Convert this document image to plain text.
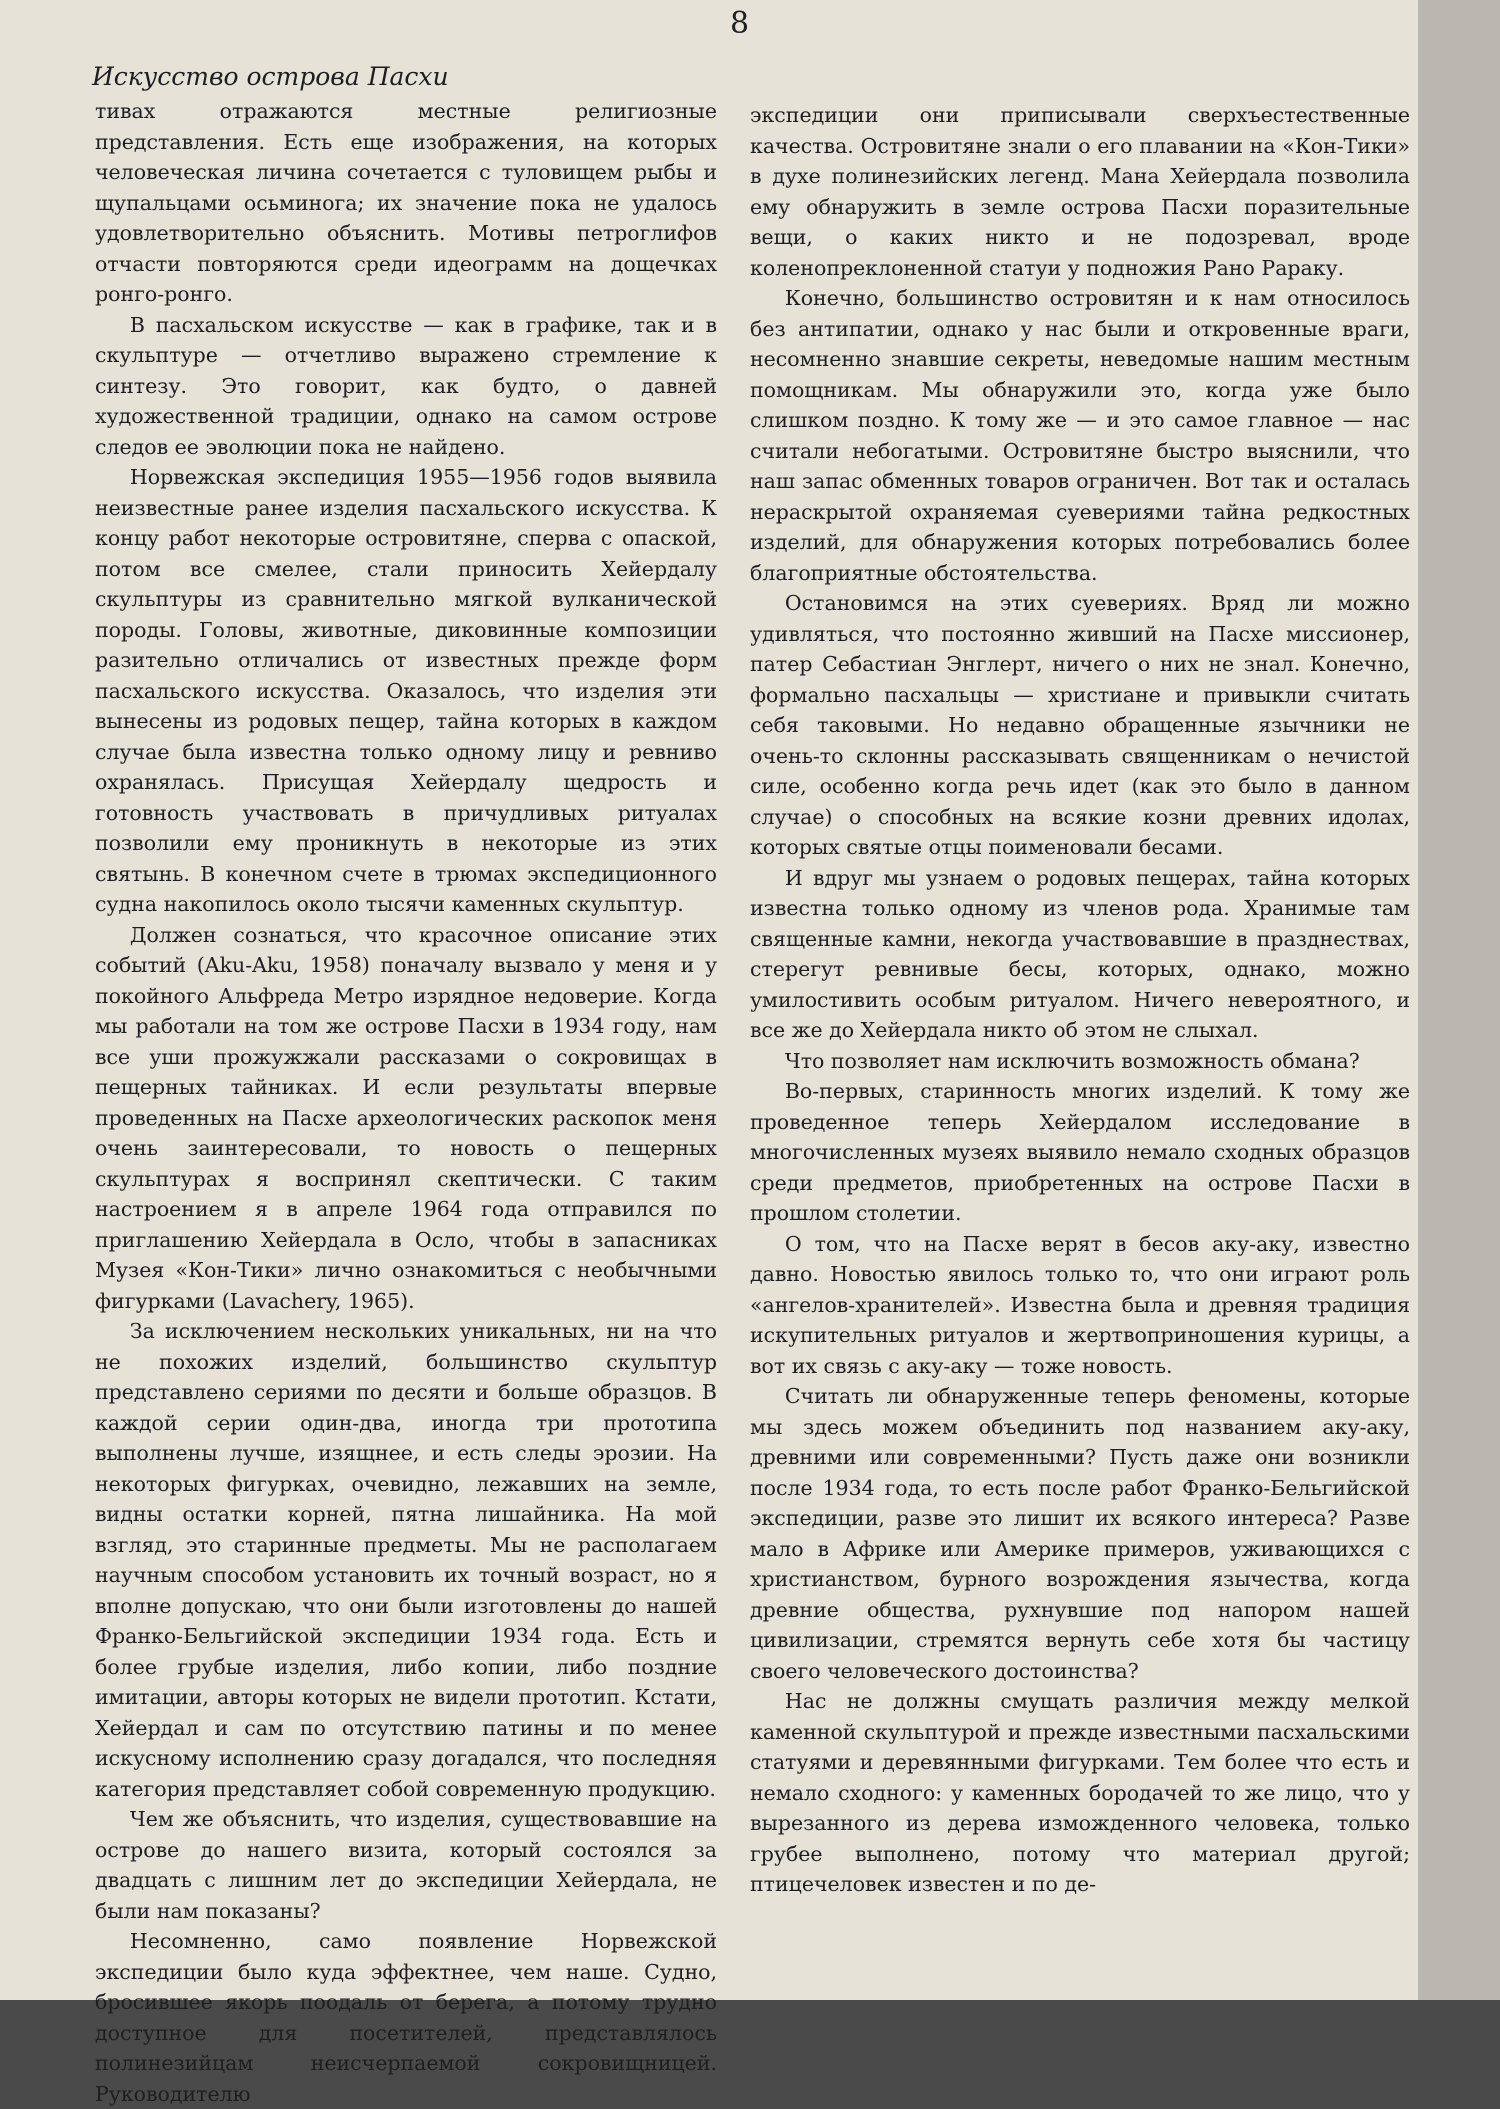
8

Искусство острова Пасхи

тивах отражаются местные религиозные представления. Есть еще изображения, на которых человеческая личина сочетается с туловищем рыбы и щупальцами осьминога; их значение пока не удалось удовлетворительно объяснить. Мотивы петроглифов отчасти повторяются среди идеограмм на дощечках ронго-ронго.

В пасхальском искусстве — как в графике, так и в скульптуре — отчетливо выражено стремление к синтезу. Это говорит, как будто, о давней художественной традиции, однако на самом острове следов ее эволюции пока не найдено.

Норвежская экспедиция 1955—1956 годов выявила неизвестные ранее изделия пасхальского искусства. К концу работ некоторые островитяне, сперва с опаской, потом все смелее, стали приносить Хейердалу скульптуры из сравнительно мягкой вулканической породы. Головы, животные, диковинные композиции разительно отличались от известных прежде форм пасхальского искусства. Оказалось, что изделия эти вынесены из родовых пещер, тайна которых в каждом случае была известна только одному лицу и ревниво охранялась. Присущая Хейердалу щедрость и готовность участвовать в причудливых ритуалах позволили ему проникнуть в некоторые из этих святынь. В конечном счете в трюмах экспедиционного судна накопилось около тысячи каменных скульптур.

Должен сознаться, что красочное описание этих событий (Aku-Aku, 1958) поначалу вызвало у меня и у покойного Альфреда Метро изрядное недоверие. Когда мы работали на том же острове Пасхи в 1934 году, нам все уши прожужжали рассказами о сокровищах в пещерных тайниках. И если результаты впервые проведенных на Пасхе археологических раскопок меня очень заинтересовали, то новость о пещерных скульптурах я воспринял скептически. С таким настроением я в апреле 1964 года отправился по приглашению Хейердала в Осло, чтобы в запасниках Музея «Кон-Тики» лично ознакомиться с необычными фигурками (Lavachery, 1965).

За исключением нескольких уникальных, ни на что не похожих изделий, большинство скульптур представлено сериями по десяти и больше образцов. В каждой серии один-два, иногда три прототипа выполнены лучше, изящнее, и есть следы эрозии. На некоторых фигурках, очевидно, лежавших на земле, видны остатки корней, пятна лишайника. На мой взгляд, это старинные предметы. Мы не располагаем научным способом установить их точный возраст, но я вполне допускаю, что они были изготовлены до нашей Франко-Бельгийской экспедиции 1934 года. Есть и более грубые изделия, либо копии, либо поздние имитации, авторы которых не видели прототип. Кстати, Хейердал и сам по отсутствию патины и по менее искусному исполнению сразу догадался, что последняя категория представляет собой современную продукцию.

Чем же объяснить, что изделия, существовавшие на острове до нашего визита, который состоялся за двадцать с лишним лет до экспедиции Хейердала, не были нам показаны?

Несомненно, само появление Норвежской экспедиции было куда эффектнее, чем наше. Судно, бросившее якорь поодаль от берега, а потому трудно доступное для посетителей, представлялось полинезийцам неисчерпаемой сокровищницей. Руководителю

экспедиции они приписывали сверхъестественные качества. Островитяне знали о его плавании на «Кон-Тики» в духе полинезийских легенд. Мана Хейердала позволила ему обнаружить в земле острова Пасхи поразительные вещи, о каких никто и не подозревал, вроде коленопреклоненной статуи у подножия Рано Рараку.

Конечно, большинство островитян и к нам относилось без антипатии, однако у нас были и откровенные враги, несомненно знавшие секреты, неведомые нашим местным помощникам. Мы обнаружили это, когда уже было слишком поздно. К тому же — и это самое главное — нас считали небогатыми. Островитяне быстро выяснили, что наш запас обменных товаров ограничен. Вот так и осталась нераскрытой охраняемая суевериями тайна редкостных изделий, для обнаружения которых потребовались более благоприятные обстоятельства.

Остановимся на этих суевериях. Вряд ли можно удивляться, что постоянно живший на Пасхе миссионер, патер Себастиан Энглерт, ничего о них не знал. Конечно, формально пасхальцы — христиане и привыкли считать себя таковыми. Но недавно обращенные язычники не очень-то склонны рассказывать священникам о нечистой силе, особенно когда речь идет (как это было в данном случае) о способных на всякие козни древних идолах, которых святые отцы поименовали бесами.

И вдруг мы узнаем о родовых пещерах, тайна которых известна только одному из членов рода. Хранимые там священные камни, некогда участвовавшие в празднествах, стерегут ревнивые бесы, которых, однако, можно умилостивить особым ритуалом. Ничего невероятного, и все же до Хейердала никто об этом не слыхал.

Что позволяет нам исключить возможность обмана?

Во-первых, старинность многих изделий. К тому же проведенное теперь Хейердалом исследование в многочисленных музеях выявило немало сходных образцов среди предметов, приобретенных на острове Пасхи в прошлом столетии.

О том, что на Пасхе верят в бесов аку-аку, известно давно. Новостью явилось только то, что они играют роль «ангелов-хранителей». Известна была и древняя традиция искупительных ритуалов и жертвоприношения курицы, а вот их связь с аку-аку — тоже новость.

Считать ли обнаруженные теперь феномены, которые мы здесь можем объединить под названием аку-аку, древними или современными? Пусть даже они возникли после 1934 года, то есть после работ Франко-Бельгийской экспедиции, разве это лишит их всякого интереса? Разве мало в Африке или Америке примеров, уживающихся с христианством, бурного возрождения язычества, когда древние общества, рухнувшие под напором нашей цивилизации, стремятся вернуть себе хотя бы частицу своего человеческого достоинства?

Нас не должны смущать различия между мелкой каменной скульптурой и прежде известными пасхальскими статуями и деревянными фигурками. Тем более что есть и немало сходного: у каменных бородачей то же лицо, что у вырезанного из дерева изможденного человека, только грубее выполнено, потому что материал другой; птицечеловек известен и по де-
